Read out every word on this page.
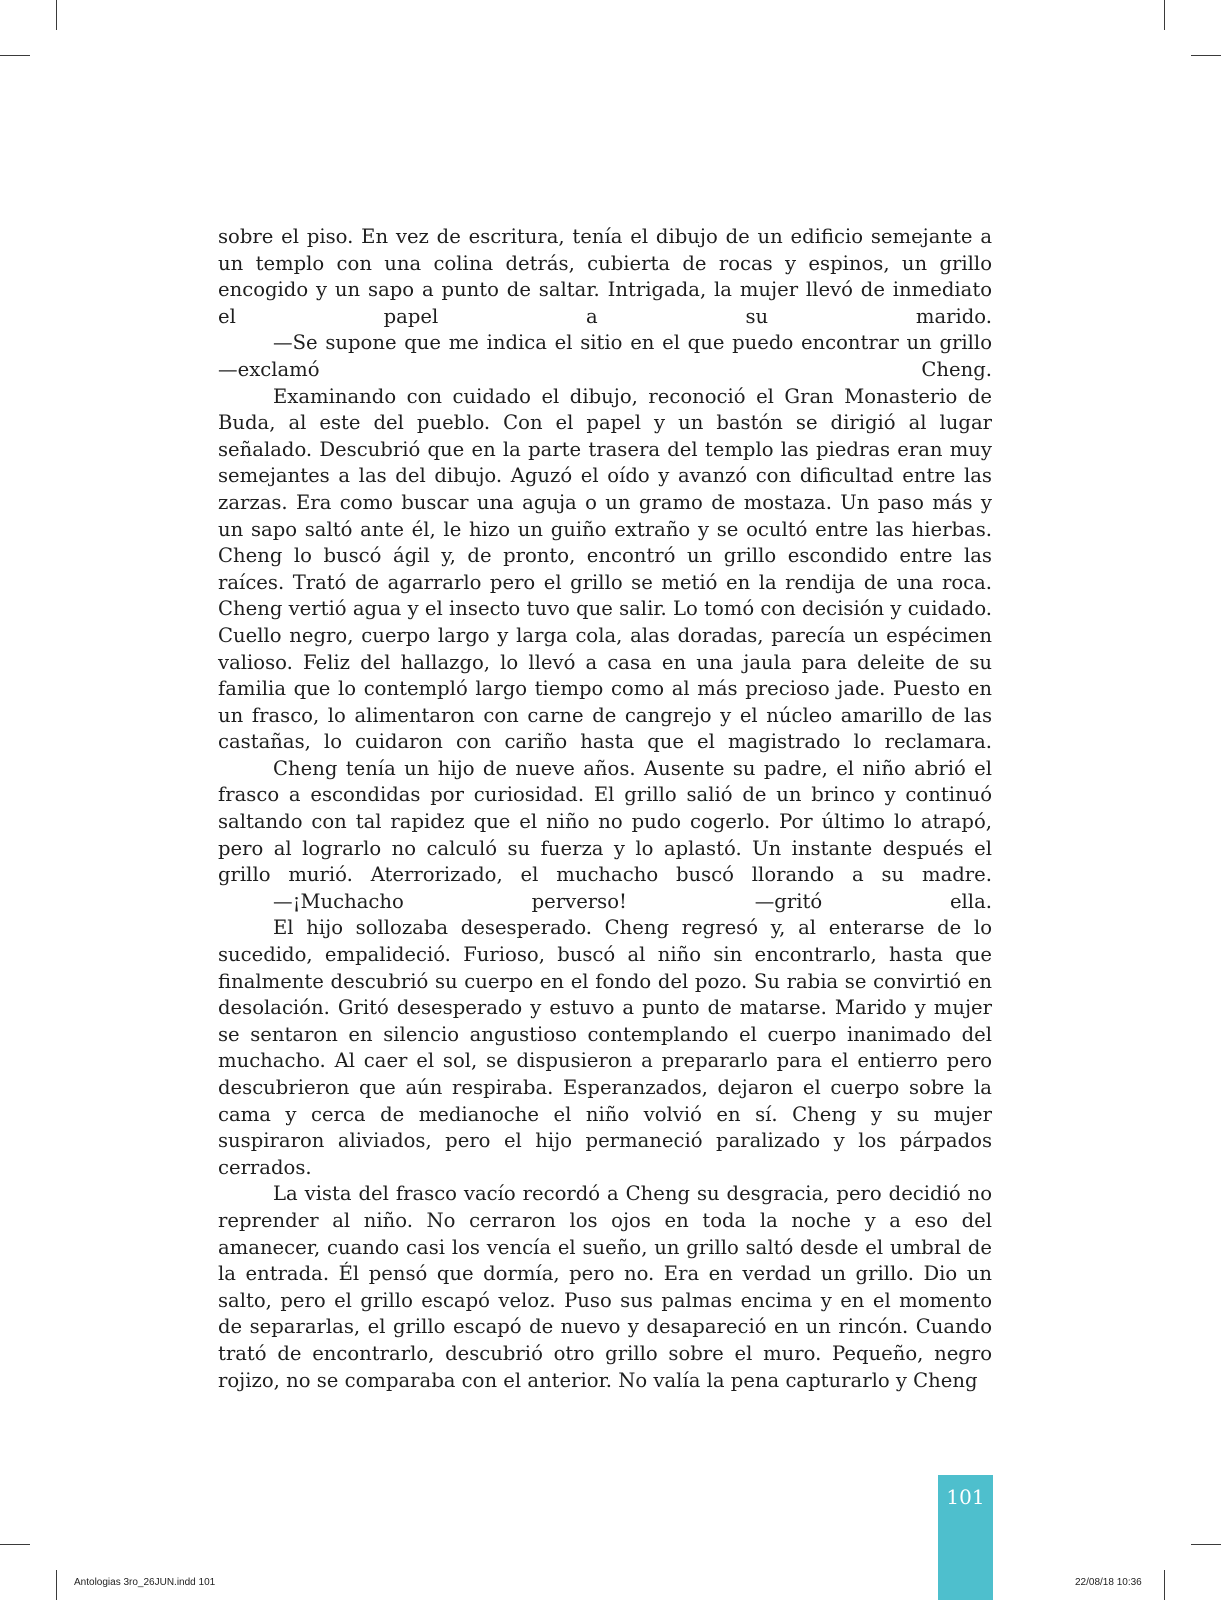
sobre el piso. En vez de escritura, tenía el dibujo de un edificio semejante a un templo con una colina detrás, cubierta de rocas y espinos, un grillo encogido y un sapo a punto de saltar. Intrigada, la mujer llevó de inmediato el papel a su marido.

—Se supone que me indica el sitio en el que puedo encontrar un grillo —exclamó Cheng.

Examinando con cuidado el dibujo, reconoció el Gran Monasterio de Buda, al este del pueblo. Con el papel y un bastón se dirigió al lugar señalado. Descubrió que en la parte trasera del templo las piedras eran muy semejantes a las del dibujo. Aguzó el oído y avanzó con dificultad entre las zarzas. Era como buscar una aguja o un gramo de mostaza. Un paso más y un sapo saltó ante él, le hizo un guiño extraño y se ocultó entre las hierbas. Cheng lo buscó ágil y, de pronto, encontró un grillo escondido entre las raíces. Trató de agarrarlo pero el grillo se metió en la rendija de una roca. Cheng vertió agua y el insecto tuvo que salir. Lo tomó con decisión y cuidado. Cuello negro, cuerpo largo y larga cola, alas doradas, parecía un espécimen valioso. Feliz del hallazgo, lo llevó a casa en una jaula para deleite de su familia que lo contempló largo tiempo como al más precioso jade. Puesto en un frasco, lo alimentaron con carne de cangrejo y el núcleo amarillo de las castañas, lo cuidaron con cariño hasta que el magistrado lo reclamara.

Cheng tenía un hijo de nueve años. Ausente su padre, el niño abrió el frasco a escondidas por curiosidad. El grillo salió de un brinco y continuó saltando con tal rapidez que el niño no pudo cogerlo. Por último lo atrapó, pero al lograrlo no calculó su fuerza y lo aplastó. Un instante después el grillo murió. Aterrorizado, el muchacho buscó llorando a su madre.

—¡Muchacho perverso! —gritó ella.

El hijo sollozaba desesperado. Cheng regresó y, al enterarse de lo sucedido, empalideció. Furioso, buscó al niño sin encontrarlo, hasta que finalmente descubrió su cuerpo en el fondo del pozo. Su rabia se convirtió en desolación. Gritó desesperado y estuvo a punto de matarse. Marido y mujer se sentaron en silencio angustioso contemplando el cuerpo inanimado del muchacho. Al caer el sol, se dispusieron a prepararlo para el entierro pero descubrieron que aún respiraba. Esperanzados, dejaron el cuerpo sobre la cama y cerca de medianoche el niño volvió en sí. Cheng y su mujer suspiraron aliviados, pero el hijo permaneció paralizado y los párpados cerrados.

La vista del frasco vacío recordó a Cheng su desgracia, pero decidió no reprender al niño. No cerraron los ojos en toda la noche y a eso del amanecer, cuando casi los vencía el sueño, un grillo saltó desde el umbral de la entrada. Él pensó que dormía, pero no. Era en verdad un grillo. Dio un salto, pero el grillo escapó veloz. Puso sus palmas encima y en el momento de separarlas, el grillo escapó de nuevo y desapareció en un rincón. Cuando trató de encontrarlo, descubrió otro grillo sobre el muro. Pequeño, negro rojizo, no se comparaba con el anterior. No valía la pena capturarlo y Cheng

101
Antologias 3ro_26JUN.indd 101	22/08/18 10:36
